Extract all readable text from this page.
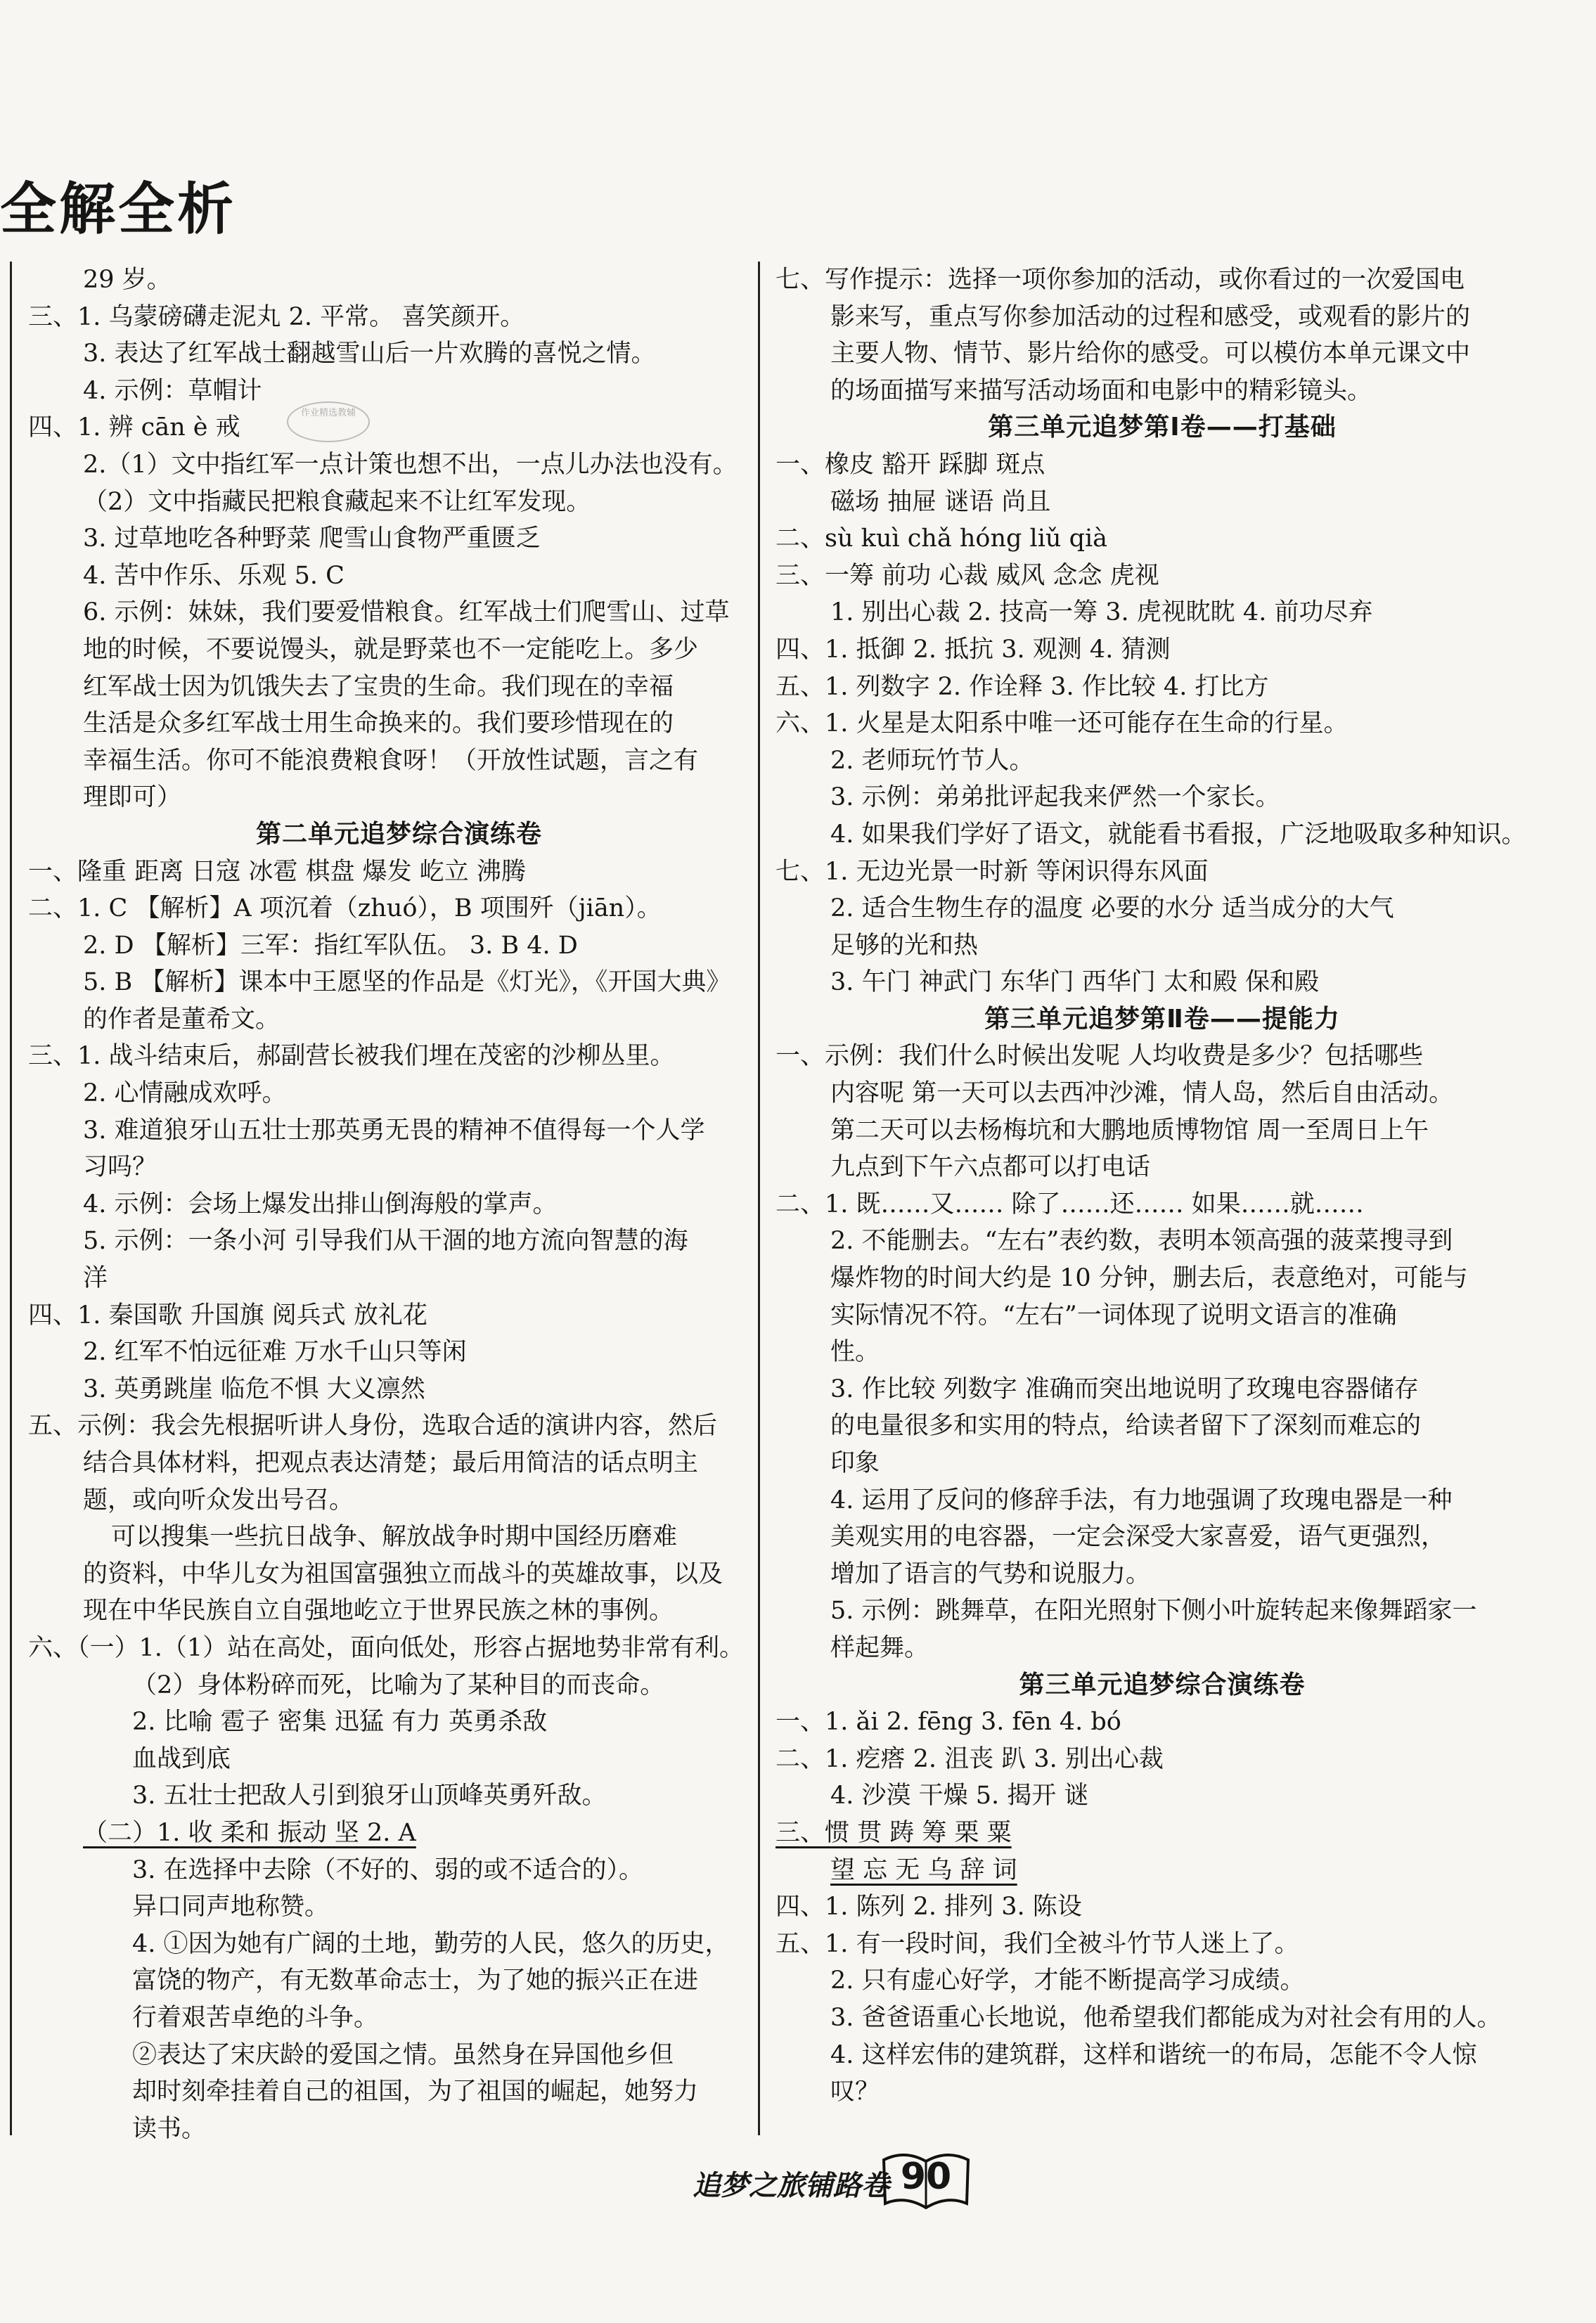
全解全析
29 岁。
三、1. 乌蒙磅礴走泥丸 2. 平常。 喜笑颜开。
3. 表达了红军战士翻越雪山后一片欢腾的喜悦之情。
4. 示例：草帽计
四、1. 辨 cān è 戒
2.（1）文中指红军一点计策也想不出，一点儿办法也没有。
（2）文中指藏民把粮食藏起来不让红军发现。
3. 过草地吃各种野菜 爬雪山食物严重匮乏
4. 苦中作乐、乐观 5. C
6. 示例：妹妹，我们要爱惜粮食。红军战士们爬雪山、过草
地的时候，不要说馒头，就是野菜也不一定能吃上。多少
红军战士因为饥饿失去了宝贵的生命。我们现在的幸福
生活是众多红军战士用生命换来的。我们要珍惜现在的
幸福生活。你可不能浪费粮食呀！（开放性试题，言之有
理即可）
第二单元追梦综合演练卷
一、隆重 距离 日寇 冰雹 棋盘 爆发 屹立 沸腾
二、1. C 【解析】A 项沉着（zhuó），B 项围歼（jiān）。
2. D 【解析】三军：指红军队伍。 3. B 4. D
5. B 【解析】课本中王愿坚的作品是《灯光》，《开国大典》
的作者是董希文。
三、1. 战斗结束后，郝副营长被我们埋在茂密的沙柳丛里。
2. 心情融成欢呼。
3. 难道狼牙山五壮士那英勇无畏的精神不值得每一个人学
习吗？
4. 示例：会场上爆发出排山倒海般的掌声。
5. 示例：一条小河 引导我们从干涸的地方流向智慧的海
洋
四、1. 秦国歌 升国旗 阅兵式 放礼花
2. 红军不怕远征难 万水千山只等闲
3. 英勇跳崖 临危不惧 大义凛然
五、示例：我会先根据听讲人身份，选取合适的演讲内容，然后
结合具体材料，把观点表达清楚；最后用简洁的话点明主
题，或向听众发出号召。
可以搜集一些抗日战争、解放战争时期中国经历磨难
的资料，中华儿女为祖国富强独立而战斗的英雄故事，以及
现在中华民族自立自强地屹立于世界民族之林的事例。
六、（一）1.（1）站在高处，面向低处，形容占据地势非常有利。
（2）身体粉碎而死，比喻为了某种目的而丧命。
2. 比喻 雹子 密集 迅猛 有力 英勇杀敌
血战到底
3. 五壮士把敌人引到狼牙山顶峰英勇歼敌。
（二）1. 收 柔和 振动 坚 2. A
3. 在选择中去除（不好的、弱的或不适合的）。
异口同声地称赞。
4. ①因为她有广阔的土地，勤劳的人民，悠久的历史，
富饶的物产，有无数革命志士，为了她的振兴正在进
行着艰苦卓绝的斗争。
②表达了宋庆龄的爱国之情。虽然身在异国他乡但
却时刻牵挂着自己的祖国，为了祖国的崛起，她努力
读书。
七、写作提示：选择一项你参加的活动，或你看过的一次爱国电
影来写，重点写你参加活动的过程和感受，或观看的影片的
主要人物、情节、影片给你的感受。可以模仿本单元课文中
的场面描写来描写活动场面和电影中的精彩镜头。
第三单元追梦第Ⅰ卷——打基础
一、橡皮 豁开 踩脚 斑点
磁场 抽屉 谜语 尚且
二、sù kuì chǎ hóng liǔ qià
三、一筹 前功 心裁 威风 念念 虎视
1. 别出心裁 2. 技高一筹 3. 虎视眈眈 4. 前功尽弃
四、1. 抵御 2. 抵抗 3. 观测 4. 猜测
五、1. 列数字 2. 作诠释 3. 作比较 4. 打比方
六、1. 火星是太阳系中唯一还可能存在生命的行星。
2. 老师玩竹节人。
3. 示例：弟弟批评起我来俨然一个家长。
4. 如果我们学好了语文，就能看书看报，广泛地吸取多种知识。
七、1. 无边光景一时新 等闲识得东风面
2. 适合生物生存的温度 必要的水分 适当成分的大气
足够的光和热
3. 午门 神武门 东华门 西华门 太和殿 保和殿
第三单元追梦第Ⅱ卷——提能力
一、示例：我们什么时候出发呢 人均收费是多少？包括哪些
内容呢 第一天可以去西冲沙滩，情人岛，然后自由活动。
第二天可以去杨梅坑和大鹏地质博物馆 周一至周日上午
九点到下午六点都可以打电话
二、1. 既……又…… 除了……还…… 如果……就……
2. 不能删去。“左右”表约数，表明本领高强的菠菜搜寻到
爆炸物的时间大约是 10 分钟，删去后，表意绝对，可能与
实际情况不符。“左右”一词体现了说明文语言的准确
性。
3. 作比较 列数字 准确而突出地说明了玫瑰电容器储存
的电量很多和实用的特点，给读者留下了深刻而难忘的
印象
4. 运用了反问的修辞手法，有力地强调了玫瑰电器是一种
美观实用的电容器，一定会深受大家喜爱，语气更强烈，
增加了语言的气势和说服力。
5. 示例：跳舞草，在阳光照射下侧小叶旋转起来像舞蹈家一
样起舞。
第三单元追梦综合演练卷
一、1. ǎi 2. fēng 3. fēn 4. bó
二、1. 疙瘩 2. 沮丧 趴 3. 别出心裁
4. 沙漠 干燥 5. 揭开 谜
三、惯 贯 踌 筹 栗 粟
望 忘 无 乌 辞 词
四、1. 陈列 2. 排列 3. 陈设
五、1. 有一段时间，我们全被斗竹节人迷上了。
2. 只有虚心好学，才能不断提高学习成绩。
3. 爸爸语重心长地说，他希望我们都能成为对社会有用的人。
4. 这样宏伟的建筑群，这样和谐统一的布局，怎能不令人惊
叹？
作业精选教辅
追梦之旅铺路卷 90
